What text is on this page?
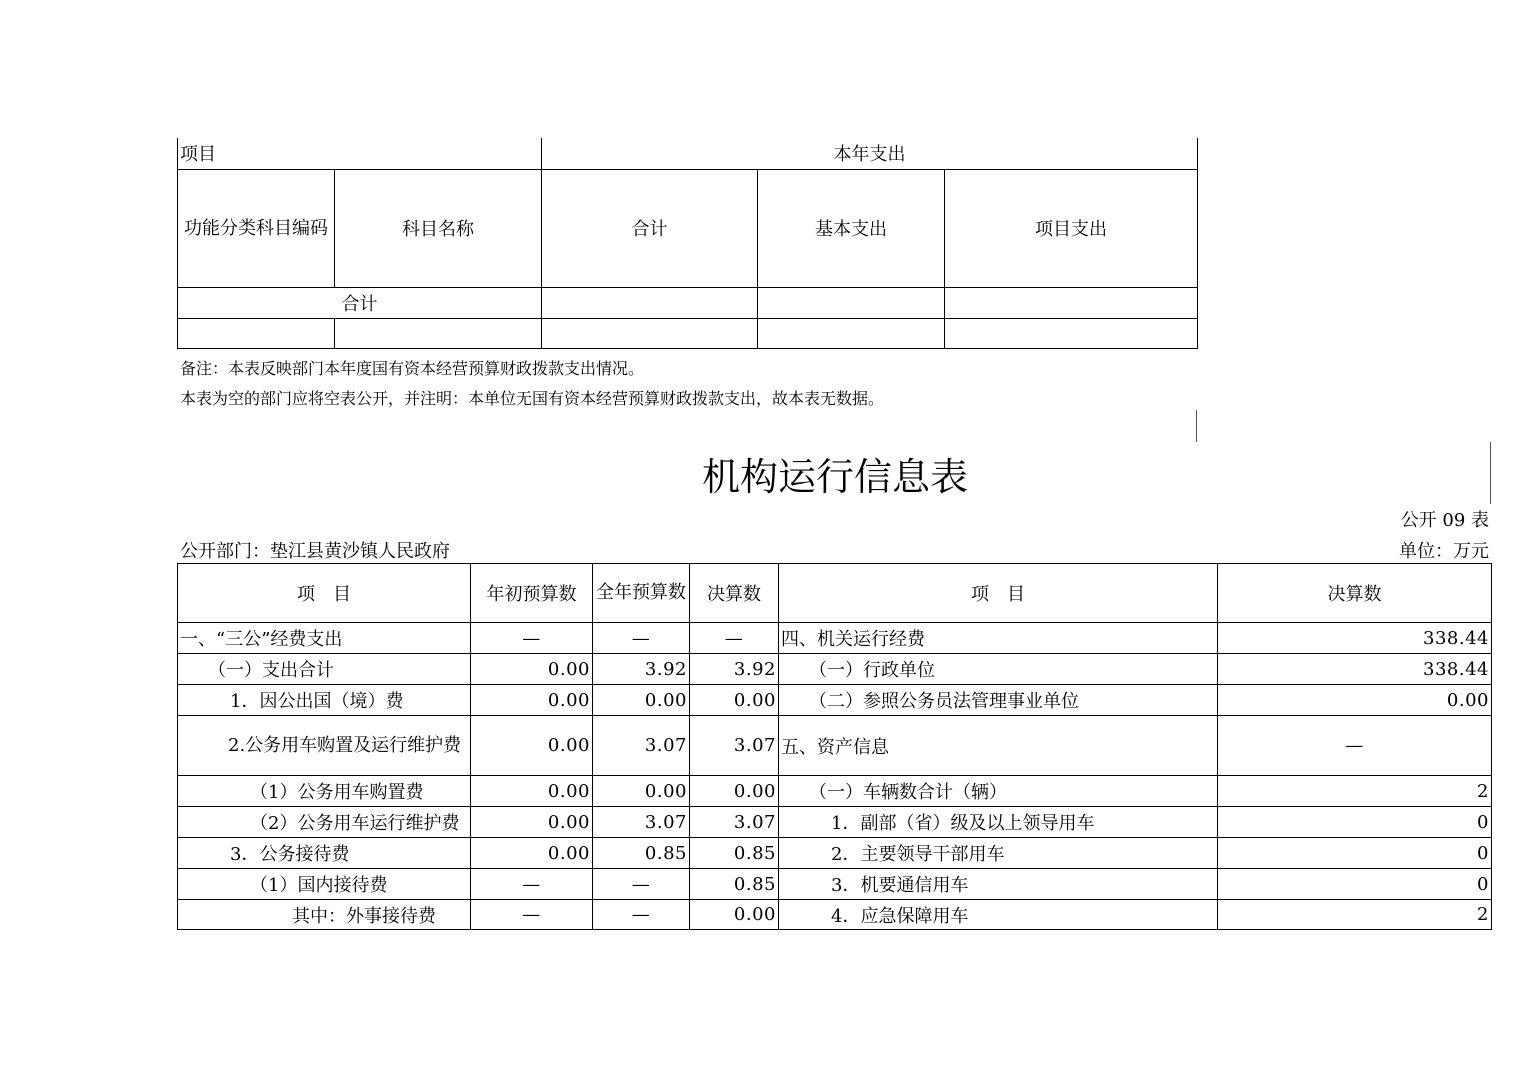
项目		本年支出		
功能分类科目编码	科目名称	合计	基本支出	项目支出
合计				

备注：本表反映部门本年度国有资本经营预算财政拨款支出情况。
本表为空的部门应将空表公开，并注明：本单位无国有资本经营预算财政拨款支出，故本表无数据。
机构运行信息表
公开 09 表
公开部门：垫江县黄沙镇人民政府	单位：万元
项　目	年初预算数	全年预算数	决算数	项　目	决算数
一、“三公”经费支出	—	—	—	四、机关运行经费	338.44
（一）支出合计	0.00	3.92	3.92	（一）行政单位	338.44
1．因公出国（境）费	0.00	0.00	0.00	（二）参照公务员法管理事业单位	0.00
2.公务用车购置及运行维护费	0.00	3.07	3.07	五、资产信息	—
（1）公务用车购置费	0.00	0.00	0.00	（一）车辆数合计（辆）	2
（2）公务用车运行维护费	0.00	3.07	3.07	1．副部（省）级及以上领导用车	0
3．公务接待费	0.00	0.85	0.85	2．主要领导干部用车	0
（1）国内接待费	—	—	0.85	3．机要通信用车	0
其中：外事接待费	—	—	0.00	4．应急保障用车	2
